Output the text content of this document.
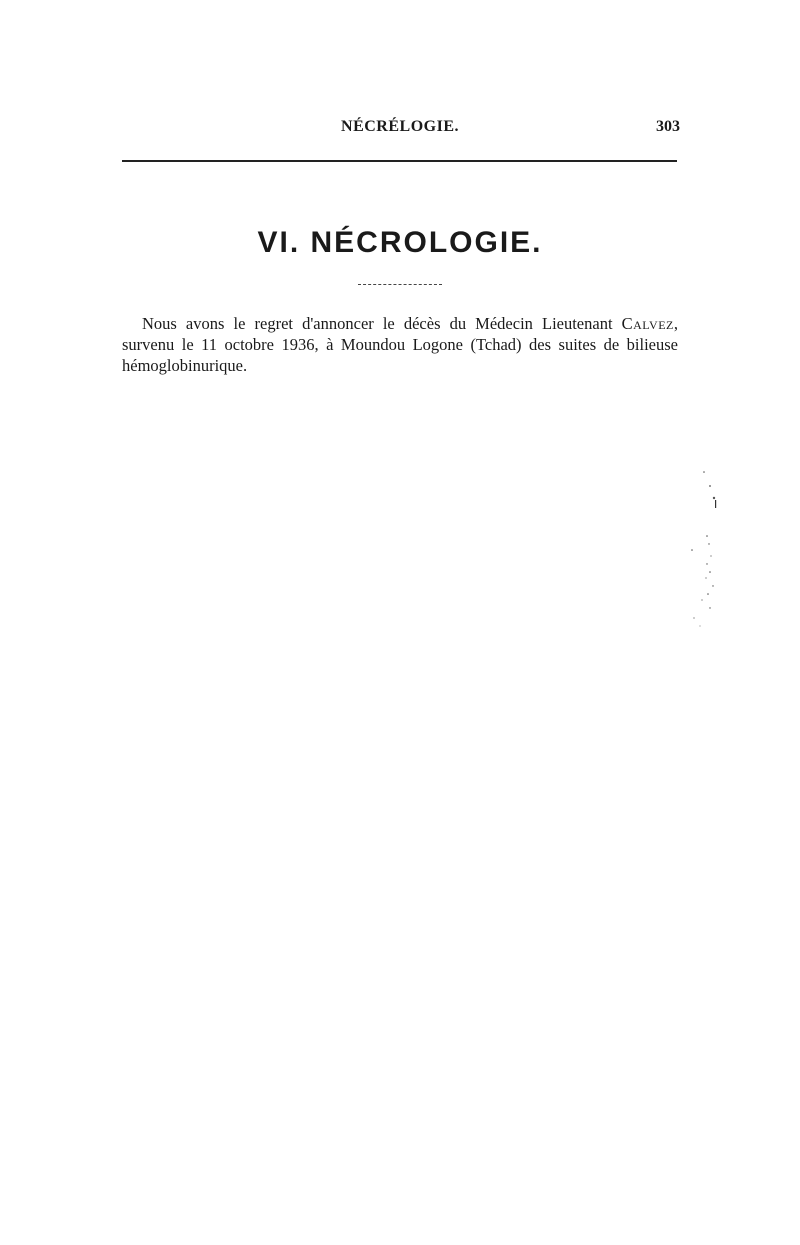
NÉCRÉLOGIE.	303
VI. NÉCROLOGIE.

Nous avons le regret d'annoncer le décès du Médecin Lieutenant Calvez, survenu le 11 octobre 1936, à Moundou Logone (Tchad) des suites de bilieuse hémoglobinurique.
